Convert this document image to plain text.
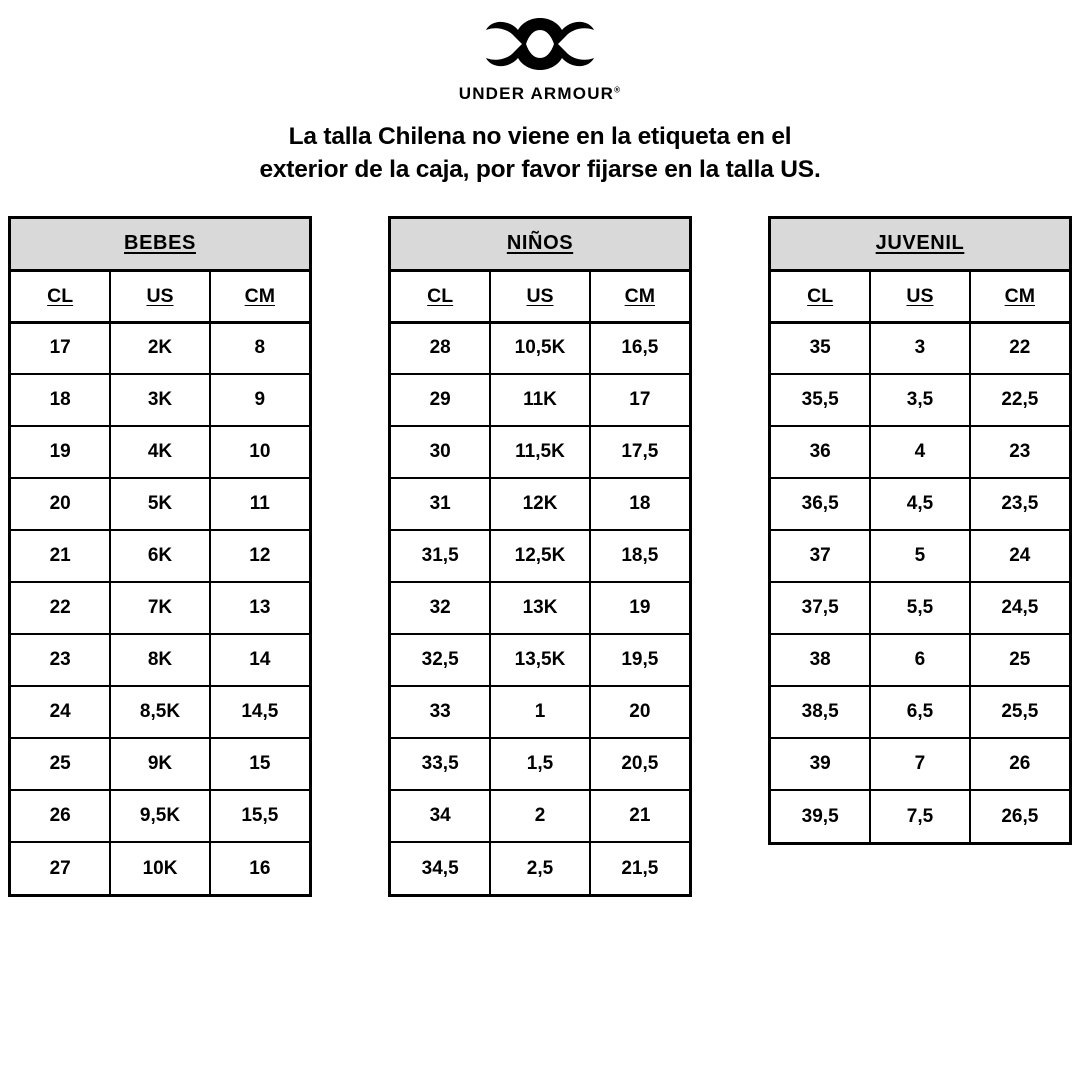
UNDER ARMOUR®
La talla Chilena no viene en la etiqueta en el
exterior de la caja, por favor fijarse en la talla US.
BEBES		
CL	US	CM
17	2K	8
18	3K	9
19	4K	10
20	5K	11
21	6K	12
22	7K	13
23	8K	14
24	8,5K	14,5
25	9K	15
26	9,5K	15,5
27	10K	16
NIÑOS		
CL	US	CM
28	10,5K	16,5
29	11K	17
30	11,5K	17,5
31	12K	18
31,5	12,5K	18,5
32	13K	19
32,5	13,5K	19,5
33	1	20
33,5	1,5	20,5
34	2	21
34,5	2,5	21,5
JUVENIL		
CL	US	CM
35	3	22
35,5	3,5	22,5
36	4	23
36,5	4,5	23,5
37	5	24
37,5	5,5	24,5
38	6	25
38,5	6,5	25,5
39	7	26
39,5	7,5	26,5
